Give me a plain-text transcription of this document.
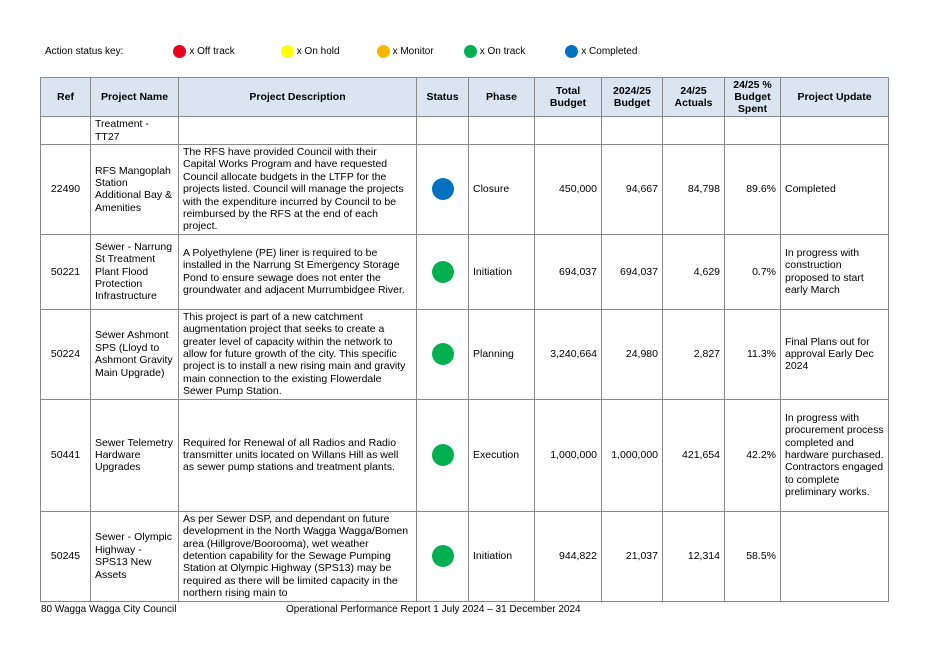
Action status key:	x Off track	x On hold	x Monitor	x On track	x Completed
Ref	Project Name	Project Description	Status	Phase	Total Budget	2024/25 Budget	24/25 Actuals	24/25 % Budget Spent	Project Update
	Treatment - TT27								
22490	RFS Mangoplah Station Additional Bay & Amenities	The RFS have provided Council with their Capital Works Program and have requested Council allocate budgets in the LTFP for the projects listed. Council will manage the projects with the expenditure incurred by Council to be reimbursed by the RFS at the end of each project.		Closure	450,000	94,667	84,798	89.6%	Completed
50221	Sewer - Narrung St Treatment Plant Flood Protection Infrastructure	A Polyethylene (PE) liner is required to be installed in the Narrung St Emergency Storage Pond to ensure sewage does not enter the groundwater and adjacent Murrumbidgee River.		Initiation	694,037	694,037	4,629	0.7%	In progress with construction proposed to start early March
50224	Sewer Ashmont SPS (Lloyd to Ashmont Gravity Main Upgrade)	This project is part of a new catchment augmentation project that seeks to create a greater level of capacity within the network to allow for future growth of the city. This specific project is to install a new rising main and gravity main connection to the existing Flowerdale Sewer Pump Station.		Planning	3,240,664	24,980	2,827	11.3%	Final Plans out for approval Early Dec 2024
50441	Sewer Telemetry Hardware Upgrades	Required for Renewal of all Radios and Radio transmitter units located on Willans Hill as well as sewer pump stations and treatment plants.		Execution	1,000,000	1,000,000	421,654	42.2%	In progress with procurement process completed and hardware purchased. Contractors engaged to complete preliminary works.
50245	Sewer - Olympic Highway - SPS13 New Assets	As per Sewer DSP, and dependant on future development in the North Wagga Wagga/Bomen area (Hillgrove/Boorooma), wet weather detention capability for the Sewage Pumping Station at Olympic Highway (SPS13) may be required as there will be limited capacity in the northern rising main to		Initiation	944,822	21,037	12,314	58.5%	
80 Wagga Wagga City Council	Operational Performance Report 1 July 2024 – 31 December 2024
